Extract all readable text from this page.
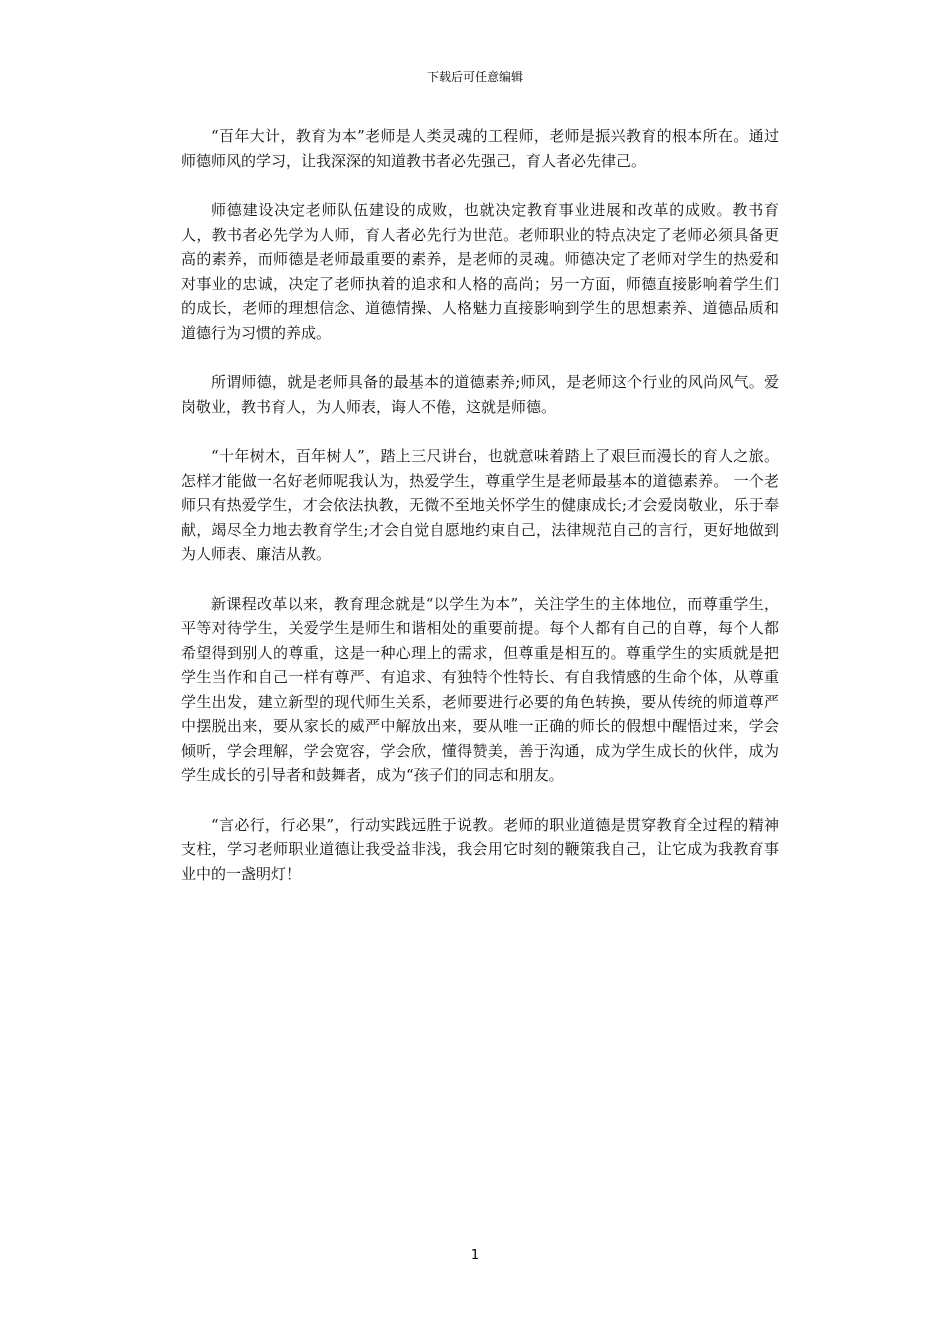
下载后可任意编辑

“百年大计，教育为本”老师是人类灵魂的工程师，老师是振兴教育的根本所在。通过师德师风的学习，让我深深的知道教书者必先强己，育人者必先律己。

师德建设决定老师队伍建设的成败，也就决定教育事业进展和改革的成败。教书育人，教书者必先学为人师，育人者必先行为世范。老师职业的特点决定了老师必须具备更高的素养，而师德是老师最重要的素养，是老师的灵魂。师德决定了老师对学生的热爱和对事业的忠诚，决定了老师执着的追求和人格的高尚；另一方面，师德直接影响着学生们的成长，老师的理想信念、道德情操、人格魅力直接影响到学生的思想素养、道德品质和道德行为习惯的养成。

所谓师德，就是老师具备的最基本的道德素养;师风，是老师这个行业的风尚风气。爱岗敬业，教书育人，为人师表，诲人不倦，这就是师德。

“十年树木，百年树人”，踏上三尺讲台，也就意味着踏上了艰巨而漫长的育人之旅。怎样才能做一名好老师呢我认为，热爱学生，尊重学生是老师最基本的道德素养。 一个老师只有热爱学生，才会依法执教，无微不至地关怀学生的健康成长;才会爱岗敬业，乐于奉献，竭尽全力地去教育学生;才会自觉自愿地约束自己，法律规范自己的言行，更好地做到为人师表、廉洁从教。

新课程改革以来，教育理念就是“以学生为本”，关注学生的主体地位，而尊重学生，平等对待学生，关爱学生是师生和谐相处的重要前提。每个人都有自己的自尊，每个人都希望得到别人的尊重，这是一种心理上的需求，但尊重是相互的。尊重学生的实质就是把学生当作和自己一样有尊严、有追求、有独特个性特长、有自我情感的生命个体，从尊重学生出发，建立新型的现代师生关系，老师要进行必要的角色转换，要从传统的师道尊严中摆脱出来，要从家长的威严中解放出来，要从唯一正确的师长的假想中醒悟过来，学会倾听，学会理解，学会宽容，学会欣，懂得赞美，善于沟通，成为学生成长的伙伴，成为学生成长的引导者和鼓舞者，成为“孩子们的同志和朋友。

“言必行，行必果”，行动实践远胜于说教。老师的职业道德是贯穿教育全过程的精神支柱，学习老师职业道德让我受益非浅，我会用它时刻的鞭策我自己，让它成为我教育事业中的一盏明灯！

1
